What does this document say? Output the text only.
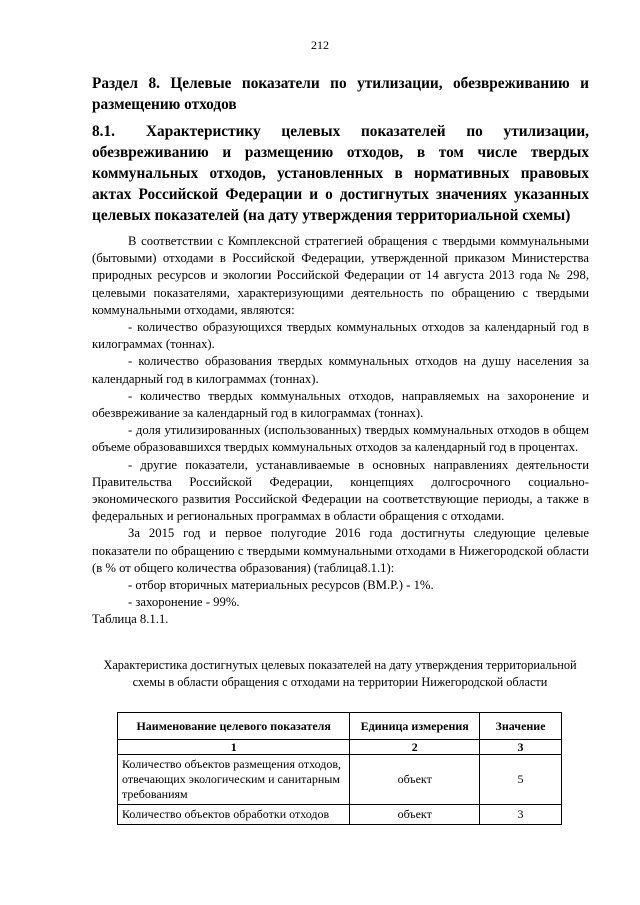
212
Раздел 8. Целевые показатели по утилизации, обезвреживанию и размещению отходов
8.1. Характеристику целевых показателей по утилизации, обезвреживанию и размещению отходов, в том числе твердых коммунальных отходов, установленных в нормативных правовых актах Российской Федерации и о достигнутых значениях указанных целевых показателей (на дату утверждения территориальной схемы)

В соответствии с Комплексной стратегией обращения с твердыми коммунальными (бытовыми) отходами в Российской Федерации, утвержденной приказом Министерства природных ресурсов и экологии Российской Федерации от 14 августа 2013 года № 298, целевыми показателями, характеризующими деятельность по обращению с твердыми коммунальными отходами, являются:

- количество образующихся твердых коммунальных отходов за календарный год в килограммах (тоннах).

- количество образования твердых коммунальных отходов на душу населения за календарный год в килограммах (тоннах).

- количество твердых коммунальных отходов, направляемых на захоронение и обезвреживание за календарный год в килограммах (тоннах).

- доля утилизированных (использованных) твердых коммунальных отходов в общем объеме образовавшихся твердых коммунальных отходов за календарный год в процентах.

- другие показатели, устанавливаемые в основных направлениях деятельности Правительства Российской Федерации, концепциях долгосрочного социально- экономического развития Российской Федерации на соответствующие периоды, а также в федеральных и региональных программах в области обращения с отходами.

За 2015 год и первое полугодие 2016 года достигнуты следующие целевые показатели по обращению с твердыми коммунальными отходами в Нижегородской области (в % от общего количества образования) (таблица8.1.1):

- отбор вторичных материальных ресурсов (ВМ.Р.) - 1%.

- захоронение - 99%.

Таблица 8.1.1.

Характеристика достигнутых целевых показателей на дату утверждения территориальной схемы в области обращения с отходами на территории Нижегородской области

Наименование целевого показателя	Единица измерения	Значение
1	2	3
Количество объектов размещения отходов, отвечающих экологическим и санитарным требованиям	объект	5
Количество объектов обработки отходов	объект	3
